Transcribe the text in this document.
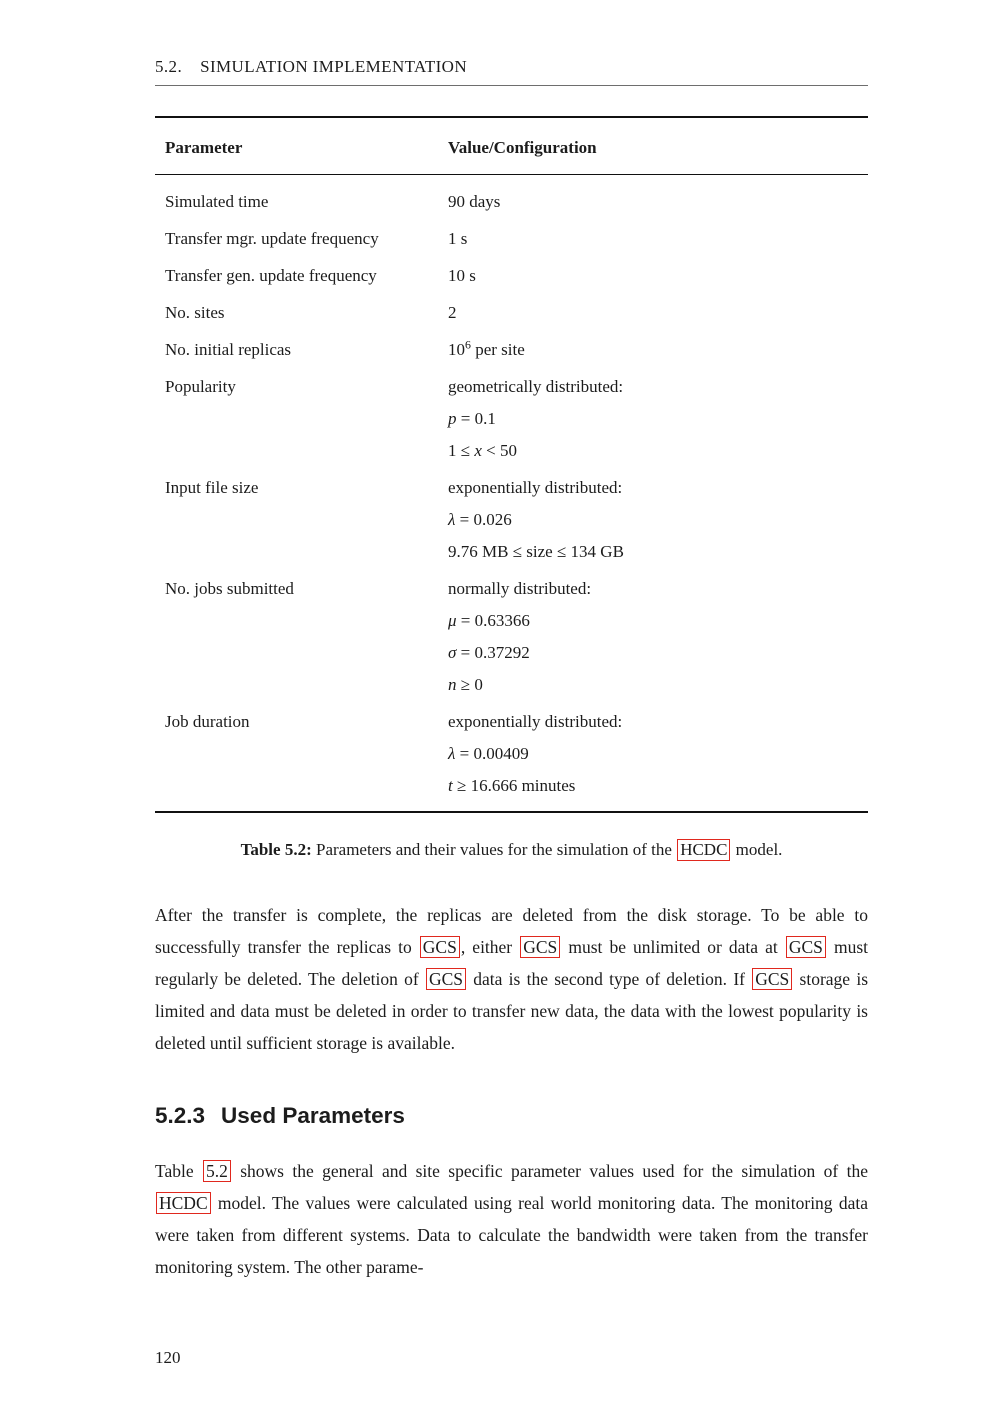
5.2. SIMULATION IMPLEMENTATION
Parameter	Value/Configuration
Simulated time	90 days
Transfer mgr. update frequency	1 s
Transfer gen. update frequency	10 s
No. sites	2
No. initial replicas	$10^6$ per site
Popularity	geometrically distributed:
p = 0.1
1 ≤ x < 50
Input file size	exponentially distributed:
λ = 0.026
9.76 MB ≤ size ≤ 134 GB
No. jobs submitted	normally distributed:
μ = 0.63366
σ = 0.37292
n ≥ 0
Job duration	exponentially distributed:
λ = 0.00409
t ≥ 16.666 minutes
Table 5.2: Parameters and their values for the simulation of the HCDC model.
After the transfer is complete, the replicas are deleted from the disk storage. To be able to successfully transfer the replicas to GCS , either GCS must be unlimited or data at GCS must regularly be deleted. The deletion of GCS data is the second type of deletion. If GCS storage is limited and data must be deleted in order to transfer new data, the data with the lowest popularity is deleted until sufficient storage is available.
5.2.3 Used Parameters
Table 5.2 shows the general and site specific parameter values used for the simulation of the HCDC model. The values were calculated using real world monitoring data. The monitoring data were taken from different systems. Data to calculate the bandwidth were taken from the transfer monitoring system. The other parame-
120
